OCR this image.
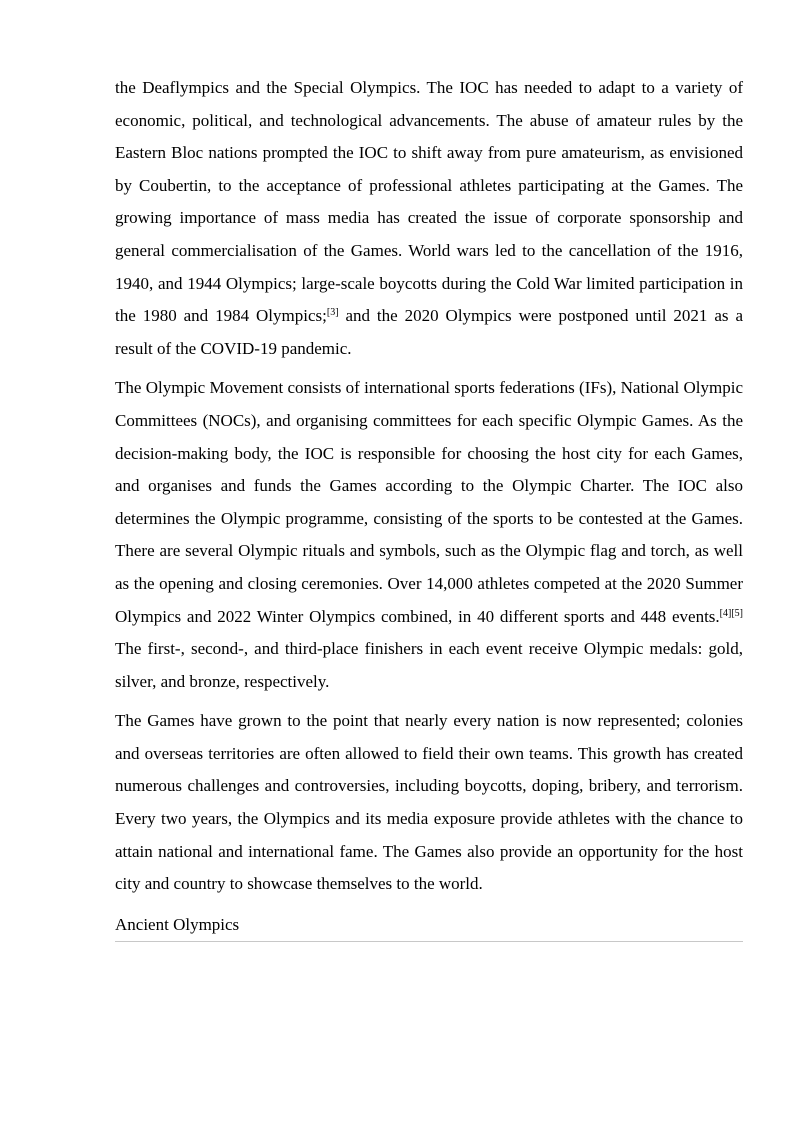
the Deaflympics and the Special Olympics. The IOC has needed to adapt to a variety of economic, political, and technological advancements. The abuse of amateur rules by the Eastern Bloc nations prompted the IOC to shift away from pure amateurism, as envisioned by Coubertin, to the acceptance of professional athletes participating at the Games. The growing importance of mass media has created the issue of corporate sponsorship and general commercialisation of the Games. World wars led to the cancellation of the 1916, 1940, and 1944 Olympics; large-scale boycotts during the Cold War limited participation in the 1980 and 1984 Olympics;[3] and the 2020 Olympics were postponed until 2021 as a result of the COVID-19 pandemic.

The Olympic Movement consists of international sports federations (IFs), National Olympic Committees (NOCs), and organising committees for each specific Olympic Games. As the decision-making body, the IOC is responsible for choosing the host city for each Games, and organises and funds the Games according to the Olympic Charter. The IOC also determines the Olympic programme, consisting of the sports to be contested at the Games. There are several Olympic rituals and symbols, such as the Olympic flag and torch, as well as the opening and closing ceremonies. Over 14,000 athletes competed at the 2020 Summer Olympics and 2022 Winter Olympics combined, in 40 different sports and 448 events.[4][5] The first-, second-, and third-place finishers in each event receive Olympic medals: gold, silver, and bronze, respectively.

The Games have grown to the point that nearly every nation is now represented; colonies and overseas territories are often allowed to field their own teams. This growth has created numerous challenges and controversies, including boycotts, doping, bribery, and terrorism. Every two years, the Olympics and its media exposure provide athletes with the chance to attain national and international fame. The Games also provide an opportunity for the host city and country to showcase themselves to the world.

Ancient Olympics
